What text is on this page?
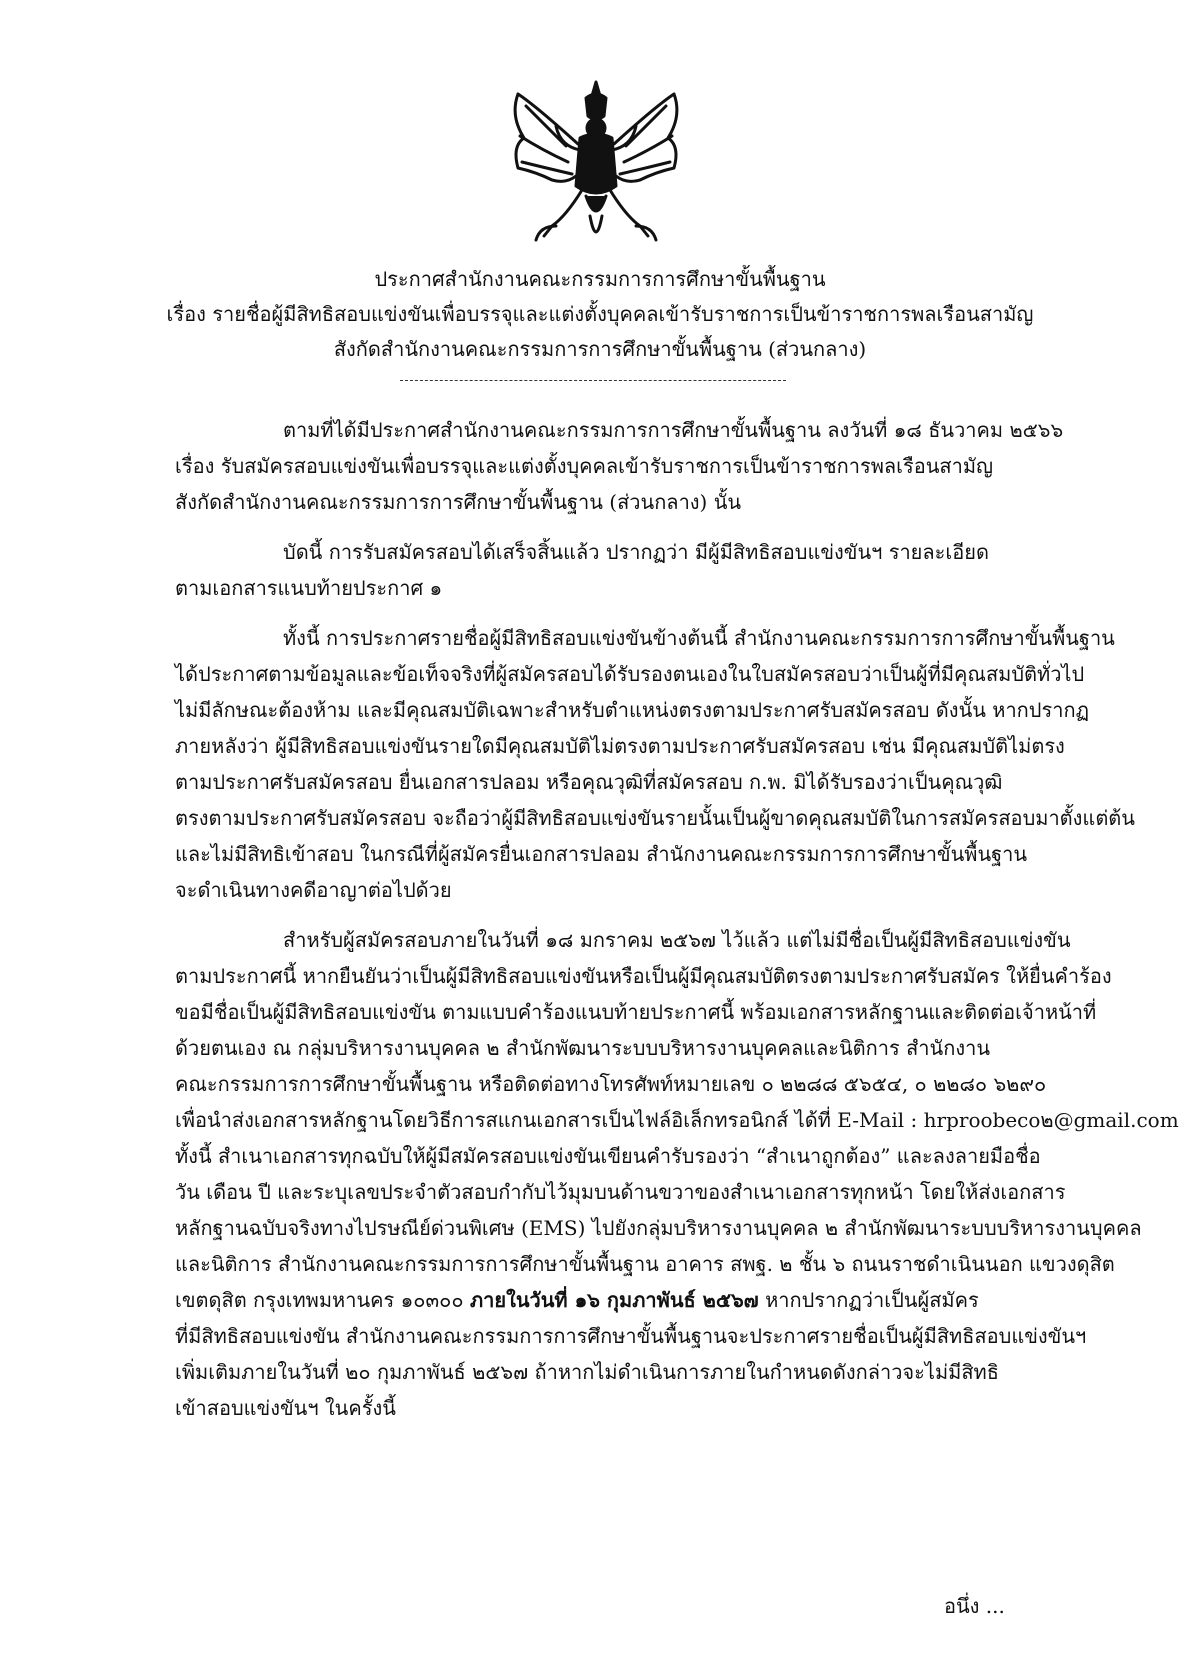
ประกาศสำนักงานคณะกรรมการการศึกษาขั้นพื้นฐาน
เรื่อง รายชื่อผู้มีสิทธิสอบแข่งขันเพื่อบรรจุและแต่งตั้งบุคคลเข้ารับราชการเป็นข้าราชการพลเรือนสามัญ
สังกัดสำนักงานคณะกรรมการการศึกษาขั้นพื้นฐาน (ส่วนกลาง)
ตามที่ได้มีประกาศสำนักงานคณะกรรมการการศึกษาขั้นพื้นฐาน ลงวันที่ ๑๘ ธันวาคม ๒๕๖๖
เรื่อง รับสมัครสอบแข่งขันเพื่อบรรจุและแต่งตั้งบุคคลเข้ารับราชการเป็นข้าราชการพลเรือนสามัญ
สังกัดสำนักงานคณะกรรมการการศึกษาขั้นพื้นฐาน (ส่วนกลาง) นั้น
บัดนี้ การรับสมัครสอบได้เสร็จสิ้นแล้ว ปรากฏว่า มีผู้มีสิทธิสอบแข่งขันฯ รายละเอียด
ตามเอกสารแนบท้ายประกาศ ๑
ทั้งนี้ การประกาศรายชื่อผู้มีสิทธิสอบแข่งขันข้างต้นนี้ สำนักงานคณะกรรมการการศึกษาขั้นพื้นฐาน
ได้ประกาศตามข้อมูลและข้อเท็จจริงที่ผู้สมัครสอบได้รับรองตนเองในใบสมัครสอบว่าเป็นผู้ที่มีคุณสมบัติทั่วไป
ไม่มีลักษณะต้องห้าม และมีคุณสมบัติเฉพาะสำหรับตำแหน่งตรงตามประกาศรับสมัครสอบ ดังนั้น หากปรากฏ
ภายหลังว่า ผู้มีสิทธิสอบแข่งขันรายใดมีคุณสมบัติไม่ตรงตามประกาศรับสมัครสอบ เช่น มีคุณสมบัติไม่ตรง
ตามประกาศรับสมัครสอบ ยื่นเอกสารปลอม หรือคุณวุฒิที่สมัครสอบ ก.พ. มิได้รับรองว่าเป็นคุณวุฒิ
ตรงตามประกาศรับสมัครสอบ จะถือว่าผู้มีสิทธิสอบแข่งขันรายนั้นเป็นผู้ขาดคุณสมบัติในการสมัครสอบมาตั้งแต่ต้น
และไม่มีสิทธิเข้าสอบ ในกรณีที่ผู้สมัครยื่นเอกสารปลอม สำนักงานคณะกรรมการการศึกษาขั้นพื้นฐาน
จะดำเนินทางคดีอาญาต่อไปด้วย
สำหรับผู้สมัครสอบภายในวันที่ ๑๘ มกราคม ๒๕๖๗ ไว้แล้ว แต่ไม่มีชื่อเป็นผู้มีสิทธิสอบแข่งขัน
ตามประกาศนี้ หากยืนยันว่าเป็นผู้มีสิทธิสอบแข่งขันหรือเป็นผู้มีคุณสมบัติตรงตามประกาศรับสมัคร ให้ยื่นคำร้อง
ขอมีชื่อเป็นผู้มีสิทธิสอบแข่งขัน ตามแบบคำร้องแนบท้ายประกาศนี้ พร้อมเอกสารหลักฐานและติดต่อเจ้าหน้าที่
ด้วยตนเอง ณ กลุ่มบริหารงานบุคคล ๒ สำนักพัฒนาระบบบริหารงานบุคคลและนิติการ สำนักงาน
คณะกรรมการการศึกษาขั้นพื้นฐาน หรือติดต่อทางโทรศัพท์หมายเลข ๐ ๒๒๘๘ ๕๖๕๔, ๐ ๒๒๘๐ ๖๒๙๐
เพื่อนำส่งเอกสารหลักฐานโดยวิธีการสแกนเอกสารเป็นไฟล์อิเล็กทรอนิกส์ ได้ที่ E-Mail : hrproobeco๒@gmail.com
ทั้งนี้ สำเนาเอกสารทุกฉบับให้ผู้มีสมัครสอบแข่งขันเขียนคำรับรองว่า “สำเนาถูกต้อง” และลงลายมือชื่อ
วัน เดือน ปี และระบุเลขประจำตัวสอบกำกับไว้มุมบนด้านขวาของสำเนาเอกสารทุกหน้า โดยให้ส่งเอกสาร
หลักฐานฉบับจริงทางไปรษณีย์ด่วนพิเศษ (EMS) ไปยังกลุ่มบริหารงานบุคคล ๒ สำนักพัฒนาระบบบริหารงานบุคคล
และนิติการ สำนักงานคณะกรรมการการศึกษาขั้นพื้นฐาน อาคาร สพฐ. ๒ ชั้น ๖ ถนนราชดำเนินนอก แขวงดุสิต
เขตดุสิต กรุงเทพมหานคร ๑๐๓๐๐ ภายในวันที่ ๑๖ กุมภาพันธ์ ๒๕๖๗ หากปรากฏว่าเป็นผู้สมัคร
ที่มีสิทธิสอบแข่งขัน สำนักงานคณะกรรมการการศึกษาขั้นพื้นฐานจะประกาศรายชื่อเป็นผู้มีสิทธิสอบแข่งขันฯ
เพิ่มเติมภายในวันที่ ๒๐ กุมภาพันธ์ ๒๕๖๗ ถ้าหากไม่ดำเนินการภายในกำหนดดังกล่าวจะไม่มีสิทธิ
เข้าสอบแข่งขันฯ ในครั้งนี้
อนึ่ง ...
